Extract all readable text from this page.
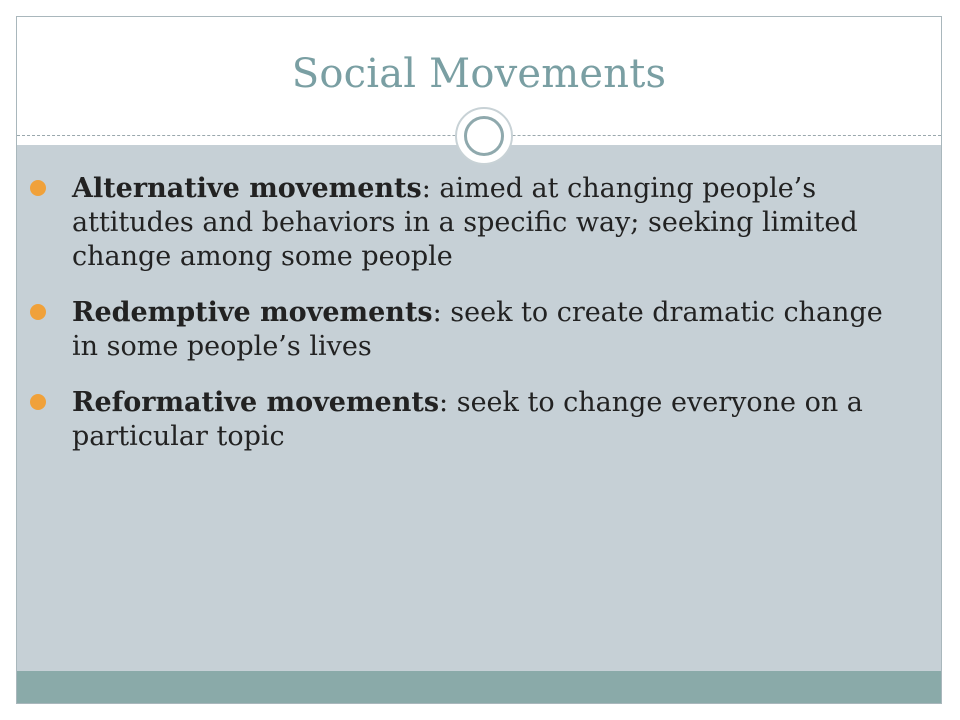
Social Movements
Alternative movements: aimed at changing people’s attitudes and behaviors in a specific way; seeking limited change among some people
Redemptive movements: seek to create dramatic change in some people’s lives
Reformative movements: seek to change everyone on a particular topic
